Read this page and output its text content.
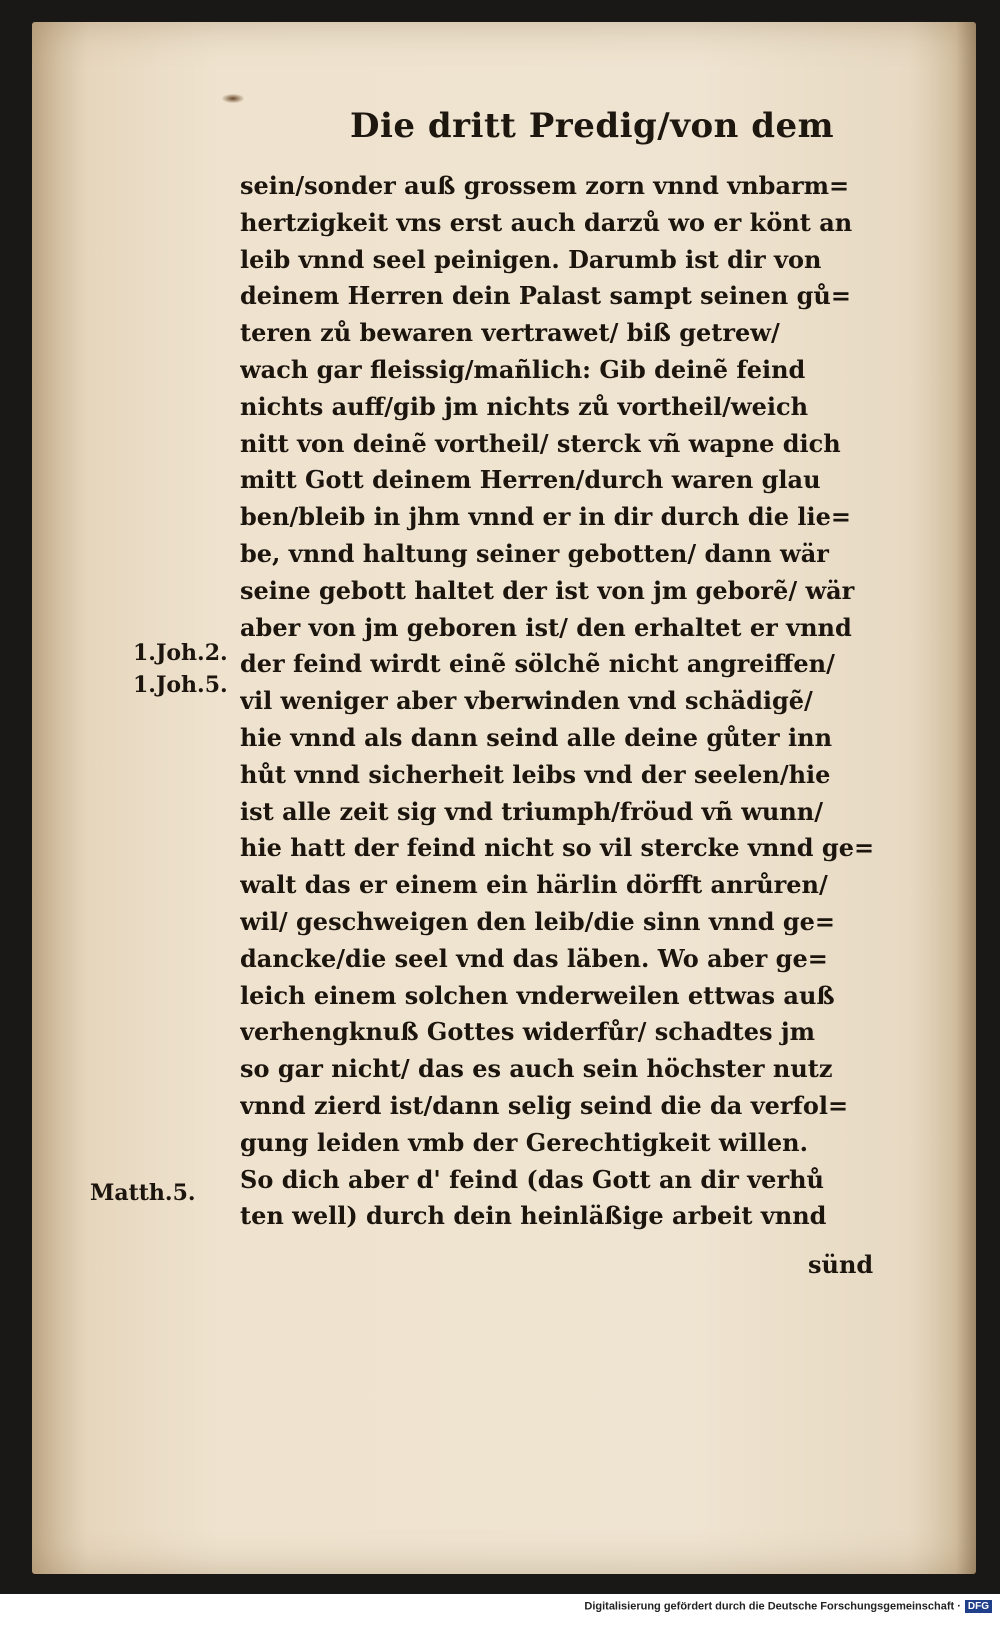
Die dritt Predig/von dem
sein/sonder auß grossem zorn vnnd vnbarm=
hertzigkeit vns erst auch darzů wo er könt an
leib vnnd seel peinigen. Darumb ist dir von
deinem Herren dein Palast sampt seinen gů=
teren zů bewaren vertrawet/ biß getrew/
wach gar fleissig/mañlich: Gib deinẽ feind
nichts auff/gib jm nichts zů vortheil/weich
nitt von deinẽ vortheil/ sterck vñ wapne dich
mitt Gott deinem Herren/durch waren glau
ben/bleib in jhm vnnd er in dir durch die lie=
be, vnnd haltung seiner gebotten/ dann wär
seine gebott haltet der ist von jm geborẽ/ wär
aber von jm geboren ist/ den erhaltet er vnnd
der feind wirdt einẽ sölchẽ nicht angreiffen/
vil weniger aber vberwinden vnd schädigẽ/
hie vnnd als dann seind alle deine gůter inn
hůt vnnd sicherheit leibs vnd der seelen/hie
ist alle zeit sig vnd triumph/fröud vñ wunn/
hie hatt der feind nicht so vil stercke vnnd ge=
walt das er einem ein härlin dörfft anrůren/
wil/ geschweigen den leib/die sinn vnnd ge=
dancke/die seel vnd das läben. Wo aber ge=
leich einem solchen vnderweilen ettwas auß
verhengknuß Gottes widerfůr/ schadtes jm
so gar nicht/ das es auch sein höchster nutz
vnnd zierd ist/dann selig seind die da verfol=
gung leiden vmb der Gerechtigkeit willen.
So dich aber d' feind (das Gott an dir verhů
ten well) durch dein heinläßige arbeit vnnd
1.Joh.2.
1.Joh.5.
Matth.5.
sünd
Digitalisierung gefördert durch die Deutsche Forschungsgemeinschaft · DFG
